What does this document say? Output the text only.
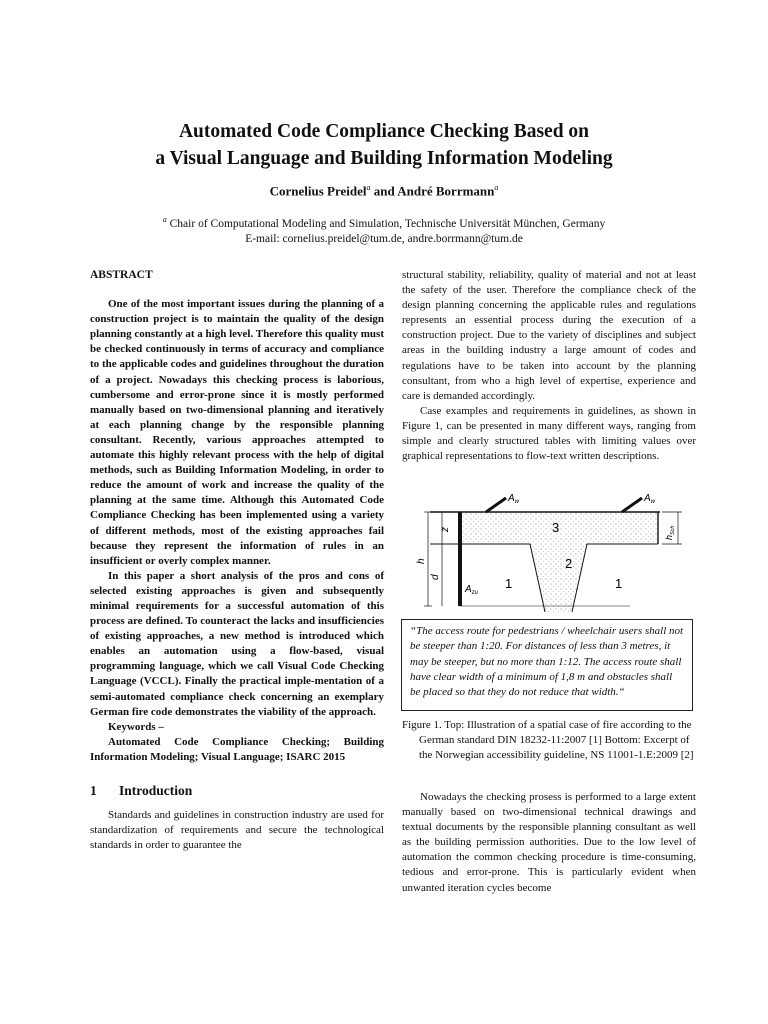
Automated Code Compliance Checking Based on
a Visual Language and Building Information Modeling
Cornelius Preidel$^a$ and André Borrmann$^a$
$^a$ Chair of Computational Modeling and Simulation, Technische Universität München, Germany
E-mail: cornelius.preidel@tum.de, andre.borrmann@tum.de
ABSTRACT

One of the most important issues during the planning of a construction project is to maintain the quality of the design planning constantly at a high level. Therefore this quality must be checked continuously in terms of accuracy and compliance to the applicable codes and guidelines throughout the duration of a project. Nowadays this checking process is laborious, cumbersome and error-prone since it is mostly performed manually based on two-dimensional planning and iteratively at each planning change by the responsible planning consultant. Recently, various approaches attempted to automate this highly relevant process with the help of digital methods, such as Building Information Modeling, in order to reduce the amount of work and increase the quality of the planning at the same time. Although this Automated Code Compliance Checking has been implemented using a variety of different methods, most of the existing approaches fail because they represent the information of rules in an insufficient or overly complex manner.

In this paper a short analysis of the pros and cons of selected existing approaches is given and subsequently minimal requirements for a successful automation of this process are defined. To counteract the lacks and insufficiencies of existing approaches, a new method is introduced which enables an automation using a flow-based, visual programming language, which we call Visual Code Checking Language (VCCL). Finally the practical imple-mentation of a semi-automated compliance check concerning an exemplary German fire code demonstrates the viability of the approach.

Keywords –

Automated Code Compliance Checking; Building Information Modeling; Visual Language; ISARC 2015

1 Introduction

Standards and guidelines in construction industry are used for standardization of requirements and secure the technological standards in order to guarantee the

structural stability, reliability, quality of material and not at least the safety of the user. Therefore the compliance check of the design planning concerning the applicable rules and regulations represents an essential process during the execution of a construction project. Due to the variety of disciplines and subject areas in the building industry a large amount of codes and regulations have to be taken into account by the planning consultant, from who a high level of expertise, experience and care is demanded accordingly.

Case examples and requirements in guidelines, as shown in Figure 1, can be presented in many different ways, ranging from simple and clearly structured tables with limiting values over graphical representations to flow-text written descriptions.

$A_w$	$A_w$
z
h
d
$A_{zu}$
$h_{Sch}$
1
2
3
1
“The access route for pedestrians / wheelchair users shall not be steeper than 1:20. For distances of less than 3 metres, it may be steeper, but no more than 1:12. The access route shall have clear width of a minimum of 1,8 m and obstacles shall be placed so that they do not reduce that width.“
Figure 1. Top: Illustration of a spatial case of fire according to the German standard DIN 18232-11:2007 [1] Bottom: Excerpt of the Norwegian accessibility guideline, NS 11001-1.E:2009 [2]

Nowadays the checking prosess is performed to a large extent manually based on two-dimensional technical drawings and textual documents by the responsible planning consultant as well as the building permission authorities. Due to the low level of automation the common checking procedure is time-consuming, tedious and error-prone. This is particularly evident when unwanted iteration cycles become
